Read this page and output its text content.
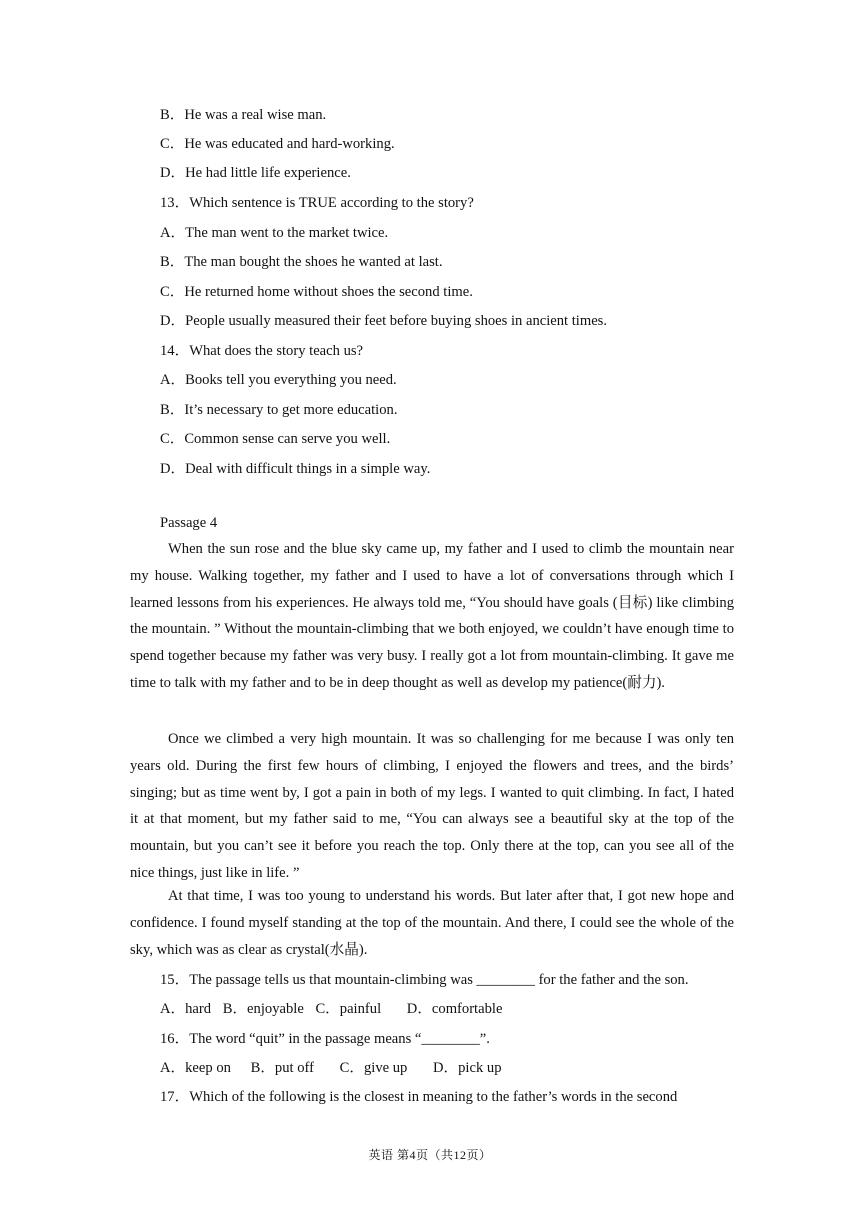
B．He was a real wise man.
C．He was educated and hard-working.
D．He had little life experience.
13．Which sentence is TRUE according to the story?
A．The man went to the market twice.
B．The man bought the shoes he wanted at last.
C．He returned home without shoes the second time.
D．People usually measured their feet before buying shoes in ancient times.
14．What does the story teach us?
A．Books tell you everything you need.
B．It’s necessary to get more education.
C．Common sense can serve you well.
D．Deal with difficult things in a simple way.
Passage 4

When the sun rose and the blue sky came up, my father and I used to climb the mountain near my house. Walking together, my father and I used to have a lot of conversations through which I learned lessons from his experiences. He always told me, “You should have goals (目标) like climbing the mountain. ” Without the mountain-climbing that we both enjoyed, we couldn’t have enough time to spend together because my father was very busy. I really got a lot from mountain-climbing. It gave me time to talk with my father and to be in deep thought as well as develop my patience(耐力).

Once we climbed a very high mountain. It was so challenging for me because I was only ten years old. During the first few hours of climbing, I enjoyed the flowers and trees, and the birds’ singing; but as time went by, I got a pain in both of my legs. I wanted to quit climbing. In fact, I hated it at that moment, but my father said to me, “You can always see a beautiful sky at the top of the mountain, but you can’t see it before you reach the top. Only there at the top, can you see all of the nice things, just like in life. ”

At that time, I was too young to understand his words. But later after that, I got new hope and confidence. I found myself standing at the top of the mountain. And there, I could see the whole of the sky, which was as clear as crystal(水晶).

15．The passage tells us that mountain-climbing was ________ for the father and the son.
A．hard B．enjoyable C．painful D．comfortable
16．The word “quit” in the passage means “________”.
A．keep on B．put off C．give up D．pick up
17．Which of the following is the closest in meaning to the father’s words in the second
英语 第4页（共12页）
